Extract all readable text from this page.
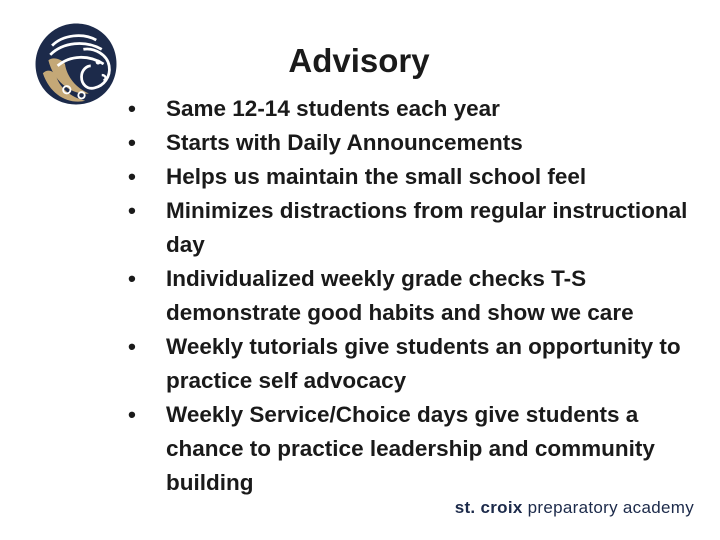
Advisory
• Same 12-14 students each year
• Starts with Daily Announcements
• Helps us maintain the small school feel
• Minimizes distractions from regular instructional day
• Individualized weekly grade checks T-S demonstrate good habits and show we care
• Weekly tutorials give students an opportunity to practice self advocacy
• Weekly Service/Choice days give students a chance to practice leadership and community building
st. croix preparatory academy
